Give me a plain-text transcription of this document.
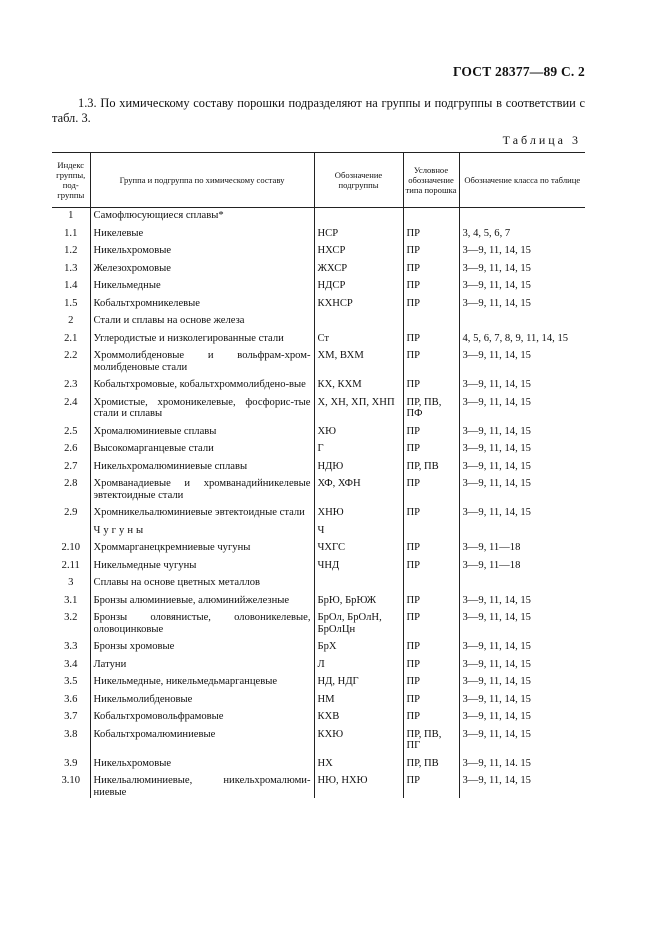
ГОСТ 28377—89 С. 2
1.3. По химическому составу порошки подразделяют на группы и подгруппы в соответствии с табл. 3.
Таблица 3
Индекс группы, под-группы	Группа и подгруппа по химическому составу	Обозначение подгруппы	Условное обозначение типа порошка	Обозначение класса по таблице
1	Самофлюсующиеся сплавы*			
1.1	Никелевые	НСР	ПР	3, 4, 5, 6, 7
1.2	Никельхромовые	НХСР	ПР	3—9, 11, 14, 15
1.3	Железохромовые	ЖХСР	ПР	3—9, 11, 14, 15
1.4	Никельмедные	НДСР	ПР	3—9, 11, 14, 15
1.5	Кобальтхромникелевые	КХНСР	ПР	3—9, 11, 14, 15
2	Стали и сплавы на основе железа			
2.1	Углеродистые и низколегированные стали	Ст	ПР	4, 5, 6, 7, 8, 9, 11, 14, 15
2.2	Хроммолибденовые и вольфрам-хром-молибденовые стали	ХМ, ВХМ	ПР	3—9, 11, 14, 15
2.3	Кобальтхромовые, кобальтхроммолибдено-вые	КХ, КХМ	ПР	3—9, 11, 14, 15
2.4	Хромистые, хромоникелевые, фосфорис-тые стали и сплавы	Х, ХН, ХП, ХНП	ПР, ПВ, ПФ	3—9, 11, 14, 15
2.5	Хромалюминиевые сплавы	ХЮ	ПР	3—9, 11, 14, 15
2.6	Высокомарганцевые стали	Г	ПР	3—9, 11, 14, 15
2.7	Никельхромалюминиевые сплавы	НДЮ	ПР, ПВ	3—9, 11, 14, 15
2.8	Хромванадиевые и хромванадийникелевые эвтектоидные стали	ХФ, ХФН	ПР	3—9, 11, 14, 15
2.9	Хромникельалюминиевые эвтектоидные стали	ХНЮ	ПР	3—9, 11, 14, 15
	Чугуны	Ч		
2.10	Хроммарганецкремниевые чугуны	ЧХГС	ПР	3—9, 11—18
2.11	Никельмедные чугуны	ЧНД	ПР	3—9, 11—18
3	Сплавы на основе цветных металлов			
3.1	Бронзы алюминиевые, алюминийжелезные	БрЮ, БрЮЖ	ПР	3—9, 11, 14, 15
3.2	Бронзы оловянистые, оловоникелевые, оловоцинковые	БрОл, БрОлН, БрОлЦн	ПР	3—9, 11, 14, 15
3.3	Бронзы хромовые	БрХ	ПР	3—9, 11, 14, 15
3.4	Латуни	Л	ПР	3—9, 11, 14, 15
3.5	Никельмедные, никельмедьмарганцевые	НД, НДГ	ПР	3—9, 11, 14, 15
3.6	Никельмолибденовые	НМ	ПР	3—9, 11, 14, 15
3.7	Кобальтхромовольфрамовые	КХВ	ПР	3—9, 11, 14, 15
3.8	Кобальтхромалюминиевые	КХЮ	ПР, ПВ, ПГ	3—9, 11, 14, 15
3.9	Никельхромовые	НХ	ПР, ПВ	3—9, 11, 14. 15
3.10	Никельалюминиевые, никельхромалюми-ниевые	НЮ, НХЮ	ПР	3—9, 11, 14, 15
